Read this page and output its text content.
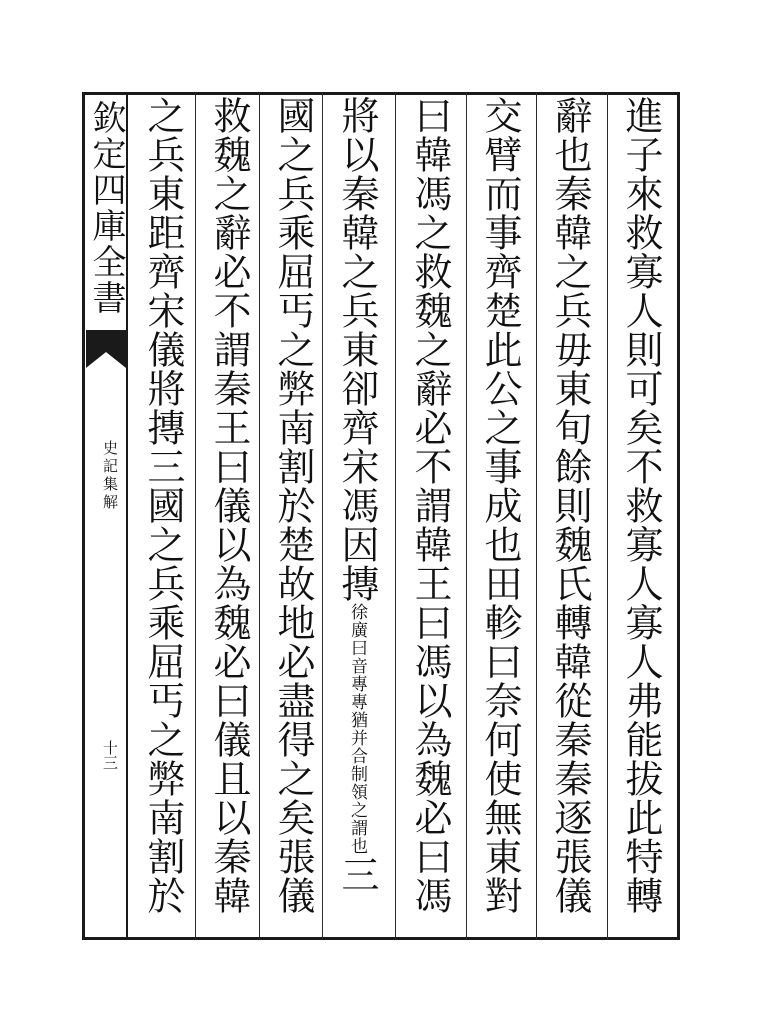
欽定四庫全書
史記集解
十三	進子來救寡人則可矣不救寡人寡人弗能拔此特轉
辭也秦韓之兵毋東旬餘則魏氏轉韓從秦秦逐張儀
交臂而事齊楚此公之事成也田軫曰奈何使無東對
曰韓馮之救魏之辭必不謂韓王曰馮以為魏必曰馮
將以秦韓之兵東卻齊宋馮因摶徐廣曰音專專猶并合制領之謂也三
國之兵乘屈丐之弊南割於楚故地必盡得之矣張儀
救魏之辭必不謂秦王曰儀以為魏必曰儀且以秦韓
之兵東距齊宋儀將摶三國之兵乘屈丐之弊南割於
